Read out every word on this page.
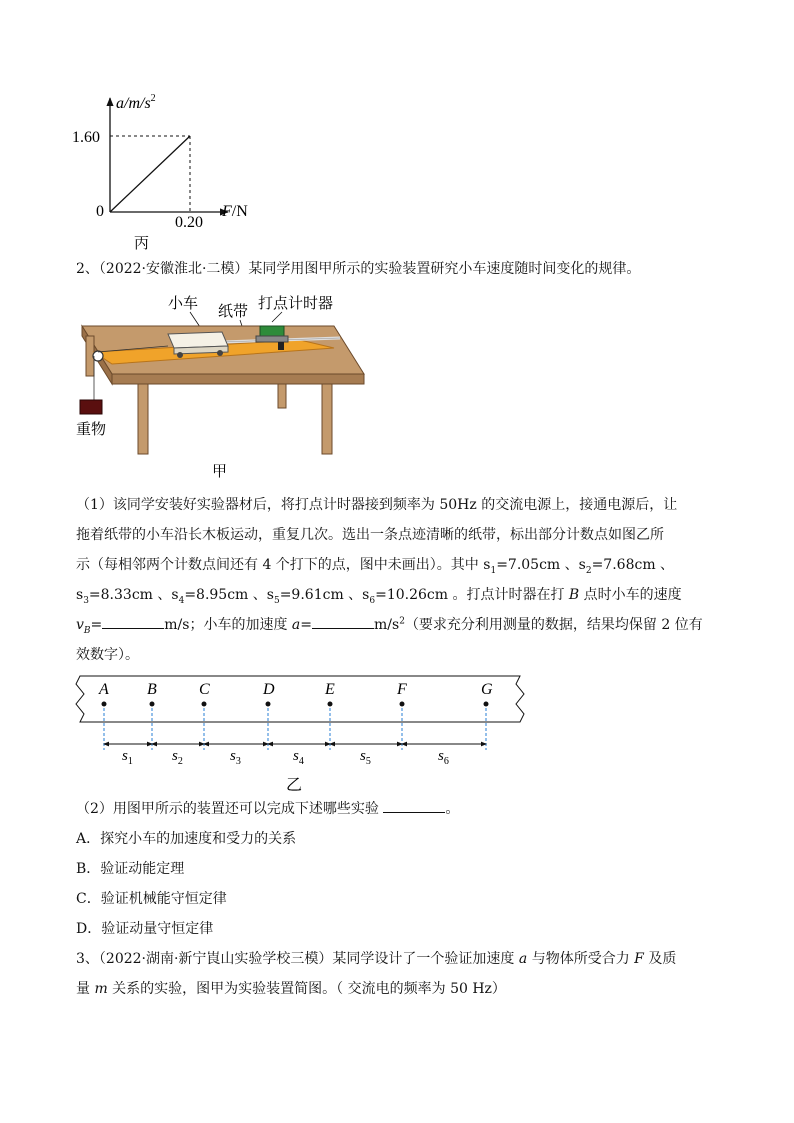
$a/m/s^2$
1.60
0
0.20
F/N
丙
2、（2022·安徽淮北·二模）某同学用图甲所示的实验装置研究小车速度随时间变化的规律。
小车 纸带 打点计时器
重物
甲
（1）该同学安装好实验器材后，将打点计时器接到频率为 50Hz 的交流电源上，接通电源后，让
拖着纸带的小车沿长木板运动，重复几次。选出一条点迹清晰的纸带，标出部分计数点如图乙所
示（每相邻两个计数点间还有 4 个打下的点，图中未画出）。其中 $s_1=7.05cm$ 、$s_2=7.68cm$ 、
$s_3=8.33cm$ 、$s_4=8.95cm$ 、$s_5=9.61cm$ 、$s_6=10.26cm$ 。打点计时器在打 B 点时小车的速度
$v_B=$	m/s；小车的加速度 a=	$m/s^2$（要求充分利用测量的数据，结果均保留 2 位有
效数字）。
A B	C	D	E	F	G
$s_1$	$s_2$	$s_3$	$s_4$	$s_5$	$s_6$
乙
（2）用图甲所示的装置还可以完成下述哪些实验	。
A．探究小车的加速度和受力的关系
B．验证动能定理
C．验证机械能守恒定律
D．验证动量守恒定律
3、（2022·湖南·新宁崀山实验学校三模）某同学设计了一个验证加速度 a 与物体所受合力 F 及质
量 m 关系的实验，图甲为实验装置简图。（ 交流电的频率为 50 Hz）
